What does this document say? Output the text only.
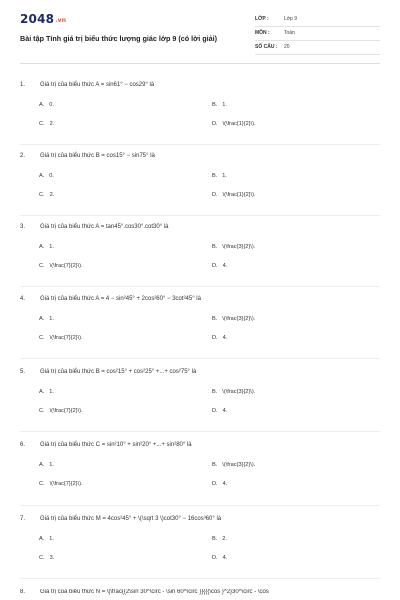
2048.vn
Bài tập Tính giá trị biểu thức lượng giác lớp 9 (có lời giải)
LỚP :	Lớp 9
MÔN :	Toán
SỐ CÂU : 20
1. Giá trị của biểu thức A = sin61° − cos29° là
A. 0.	B. 1.
C. 2.	D. \(\frac{1}{2}\).
2. Giá trị của biểu thức B = cos15° − sin75° là
A. 0.	B. 1.
C. 2.	D. \(\frac{1}{2}\).
3. Giá trị của biểu thức A = tan45°.cos30°.cot30° là
A. 1.	B. \(\frac{3}{2}\).
C. \(\frac{7}{2}\).	D. 4.
4. Giá trị của biểu thức A = 4 − sin²45° + 2cos²60° − 3cot²45° là
A. 1.	B. \(\frac{3}{2}\).
C. \(\frac{7}{2}\).	D. 4.
5. Giá trị của biểu thức B = cos²15° + cos²25° +...+ cos²75° là
A. 1.	B. \(\frac{3}{2}\).
C. \(\frac{7}{2}\).	D. 4.
6. Giá trị của biểu thức C = sin²10° + sin²20° +...+ sin²80° là
A. 1.	B. \(\frac{3}{2}\).
C. \(\frac{7}{2}\).	D. 4.
7. Giá trị của biểu thức M = 4cos²45° + \(\sqrt 3 \)cot30° − 16cos³60° là
A. 1.	B. 2.
C. 3.	D. 4.
8. Giá trị của biểu thức N = \[\frac{{2\sin 30^\circ - \sin 60^\circ }}{{{\cos }^2}30^\circ - \cos
